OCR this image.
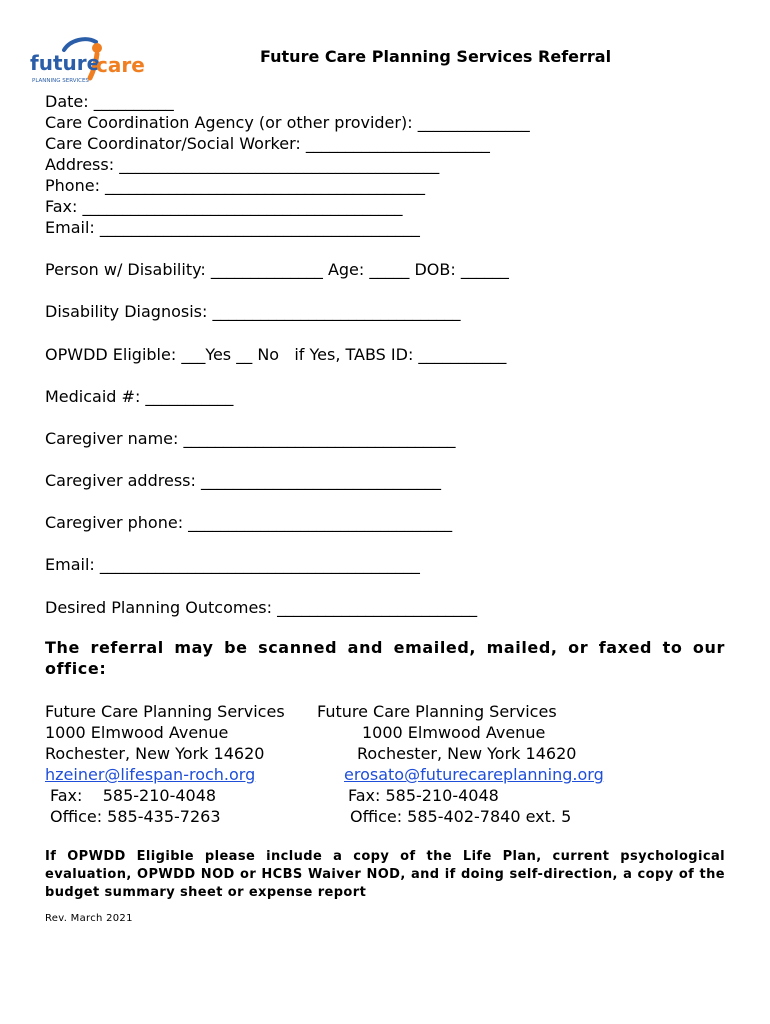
future
care
PLANNING SERVICES
Future Care Planning Services Referral
Date: __________
Care Coordination Agency (or other provider): ______________
Care Coordinator/Social Worker: _______________________
Address: ________________________________________
Phone: ________________________________________
Fax: ________________________________________
Email: ________________________________________
Person w/ Disability: ______________ Age: _____ DOB: ______
Disability Diagnosis: _______________________________
OPWDD Eligible: ___Yes __ No   if Yes, TABS ID: ___________
Medicaid #: ___________
Caregiver name: __________________________________
Caregiver address: ______________________________
Caregiver phone: _________________________________
Email: ________________________________________
Desired Planning Outcomes: _________________________
The referral may be scanned and emailed, mailed, or faxed to our office:
Future Care Planning Services
1000 Elmwood Avenue
Rochester, New York 14620
hzeiner@lifespan-roch.org
Fax:    585-210-4048
Office: 585-435-7263
Future Care Planning Services
1000 Elmwood Avenue
Rochester, New York 14620
erosato@futurecareplanning.org
Fax: 585-210-4048
Office: 585-402-7840 ext. 5
If OPWDD Eligible please include a copy of the Life Plan, current psychological evaluation, OPWDD NOD or HCBS Waiver NOD, and if doing self-direction, a copy of the budget summary sheet or expense report
Rev. March 2021
